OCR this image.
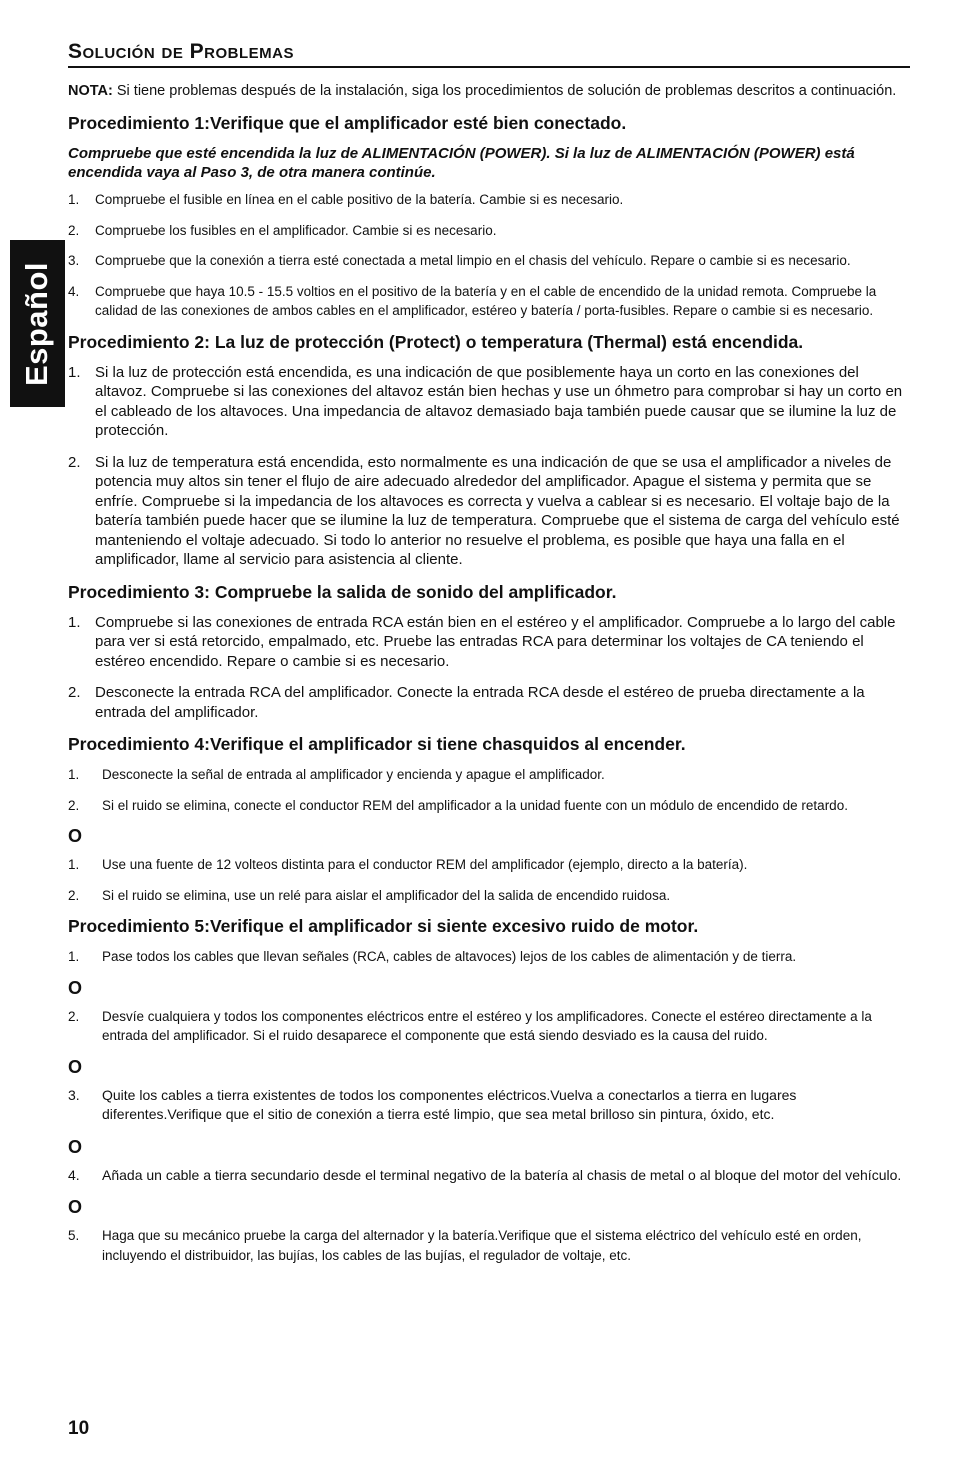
Español
Solución de Problemas

NOTA: Si tiene problemas después de la instalación, siga los procedimientos de solución de problemas descritos a continuación.

Procedimiento 1:Verifique que el amplificador esté bien conectado.

Compruebe que esté encendida la luz de ALIMENTACIÓN (POWER). Si la luz de ALIMENTACIÓN (POWER) está encendida vaya al Paso 3, de otra manera continúe.

1. Compruebe el fusible en línea en el cable positivo de la batería. Cambie si es necesario.
2. Compruebe los fusibles en el amplificador. Cambie si es necesario.
3. Compruebe que la conexión a tierra esté conectada a metal limpio en el chasis del vehículo. Repare o cambie si es necesario.
4. Compruebe que haya 10.5 - 15.5 voltios en el positivo de la batería y en el cable de encendido de la unidad remota. Compruebe la calidad de las conexiones de ambos cables en el amplificador, estéreo y batería / porta-fusibles. Repare o cambie si es necesario.
Procedimiento 2: La luz de protección (Protect) o temperatura (Thermal) está encendida.
1. Si la luz de protección está encendida, es una indicación de que posiblemente haya un corto en las conexiones del altavoz. Compruebe si las conexiones del altavoz están bien hechas y use un óhmetro para comprobar si hay un corto en el cableado de los altavoces. Una impedancia de altavoz demasiado baja también puede causar que se ilumine la luz de protección.
2. Si la luz de temperatura está encendida, esto normalmente es una indicación de que se usa el amplificador a niveles de potencia muy altos sin tener el flujo de aire adecuado alrededor del amplificador. Apague el sistema y permita que se enfríe. Compruebe si la impedancia de los altavoces es correcta y vuelva a cablear si es necesario. El voltaje bajo de la batería también puede hacer que se ilumine la luz de temperatura. Compruebe que el sistema de carga del vehículo esté manteniendo el voltaje adecuado. Si todo lo anterior no resuelve el problema, es posible que haya una falla en el amplificador, llame al servicio para asistencia al cliente.
Procedimiento 3: Compruebe la salida de sonido del amplificador.
1. Compruebe si las conexiones de entrada RCA están bien en el estéreo y el amplificador. Compruebe a lo largo del cable para ver si está retorcido, empalmado, etc. Pruebe las entradas RCA para determinar los voltajes de CA teniendo el estéreo encendido. Repare o cambie si es necesario.
2. Desconecte la entrada RCA del amplificador. Conecte la entrada RCA desde el estéreo de prueba directamente a la entrada del amplificador.
Procedimiento 4:Verifique el amplificador si tiene chasquidos al encender.
1. Desconecte la señal de entrada al amplificador y encienda y apague el amplificador.
2. Si el ruido se elimina, conecte el conductor REM del amplificador a la unidad fuente con un módulo de encendido de retardo.
O
1. Use una fuente de 12 volteos distinta para el conductor REM del amplificador (ejemplo, directo a la batería).
2. Si el ruido se elimina, use un relé para aislar el amplificador del la salida de encendido ruidosa.
Procedimiento 5:Verifique el amplificador si siente excesivo ruido de motor.
1. Pase todos los cables que llevan señales (RCA, cables de altavoces) lejos de los cables de alimentación y de tierra.
O
2. Desvíe cualquiera y todos los componentes eléctricos entre el estéreo y los amplificadores. Conecte el estéreo directamente a la entrada del amplificador. Si el ruido desaparece el componente que está siendo desviado es la causa del ruido.
O
3. Quite los cables a tierra existentes de todos los componentes eléctricos.Vuelva a conectarlos a tierra en lugares diferentes.Verifique que el sitio de conexión a tierra esté limpio, que sea metal brilloso sin pintura, óxido, etc.
O
4. Añada un cable a tierra secundario desde el terminal negativo de la batería al chasis de metal o al bloque del motor del vehículo.
O
5. Haga que su mecánico pruebe la carga del alternador y la batería.Verifique que el sistema eléctrico del vehículo esté en orden, incluyendo el distribuidor, las bujías, los cables de las bujías, el regulador de voltaje, etc.
10
